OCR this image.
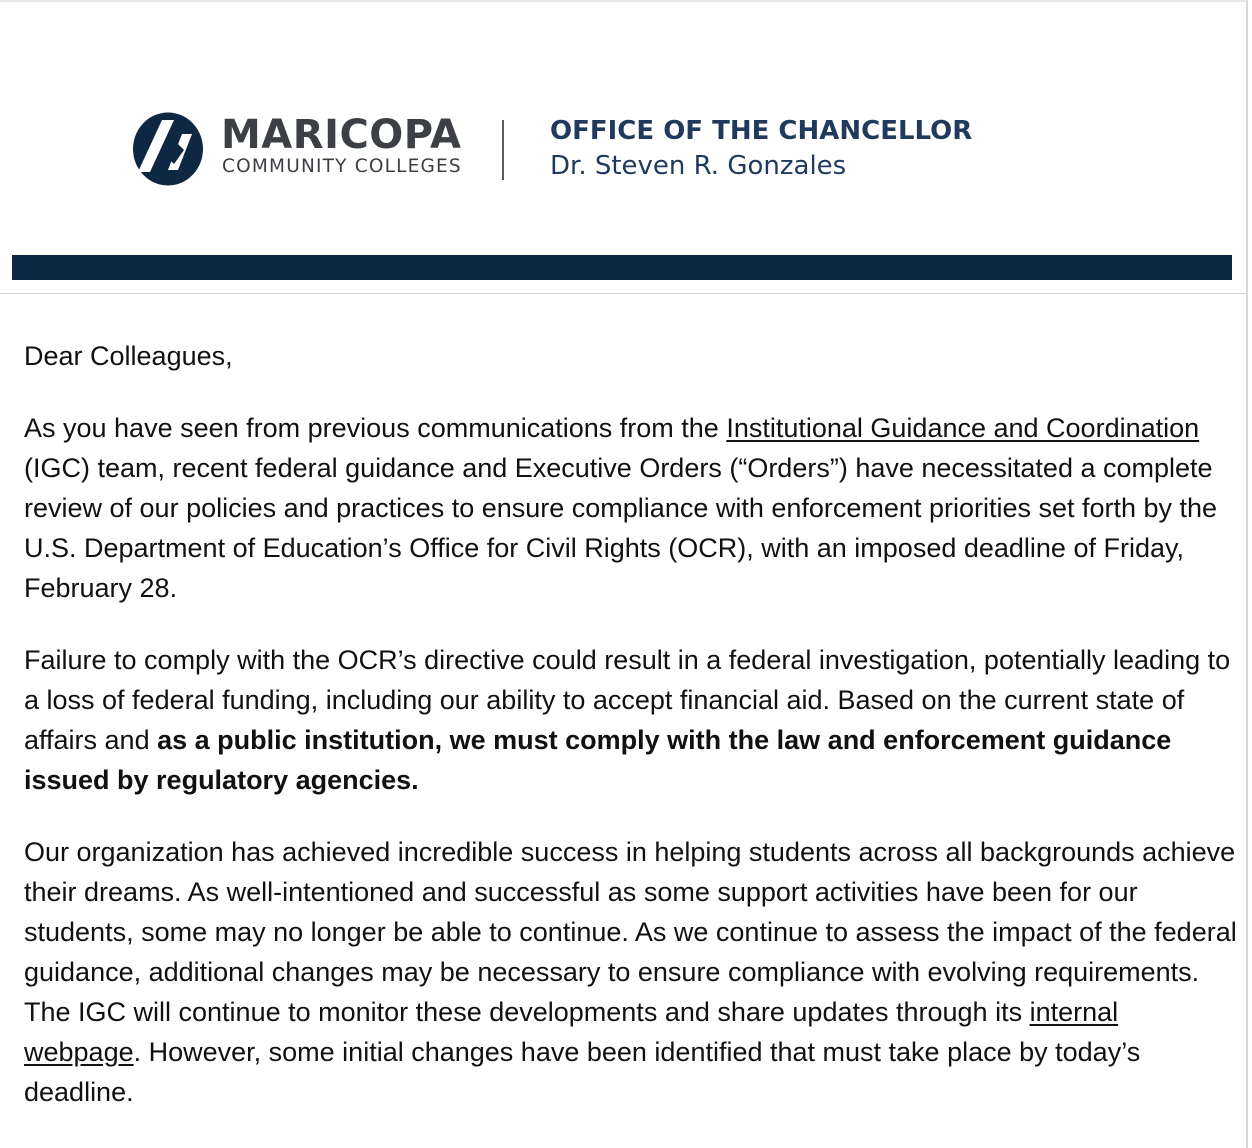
MARICOPA
COMMUNITY COLLEGES
OFFICE OF THE CHANCELLOR
Dr. Steven R. Gonzales

Dear Colleagues,

As you have seen from previous communications from the Institutional Guidance and Coordination (IGC) team, recent federal guidance and Executive Orders (“Orders”) have necessitated a complete review of our policies and practices to ensure compliance with enforcement priorities set forth by the U.S. Department of Education’s Office for Civil Rights (OCR), with an imposed deadline of Friday, February 28.

Failure to comply with the OCR’s directive could result in a federal investigation, potentially leading to a loss of federal funding, including our ability to accept financial aid. Based on the current state of affairs and as a public institution, we must comply with the law and enforcement guidance issued by regulatory agencies.

Our organization has achieved incredible success in helping students across all backgrounds achieve their dreams. As well-intentioned and successful as some support activities have been for our students, some may no longer be able to continue. As we continue to assess the impact of the federal guidance, additional changes may be necessary to ensure compliance with evolving requirements. The IGC will continue to monitor these developments and share updates through its internal webpage. However, some initial changes have been identified that must take place by today’s deadline.
